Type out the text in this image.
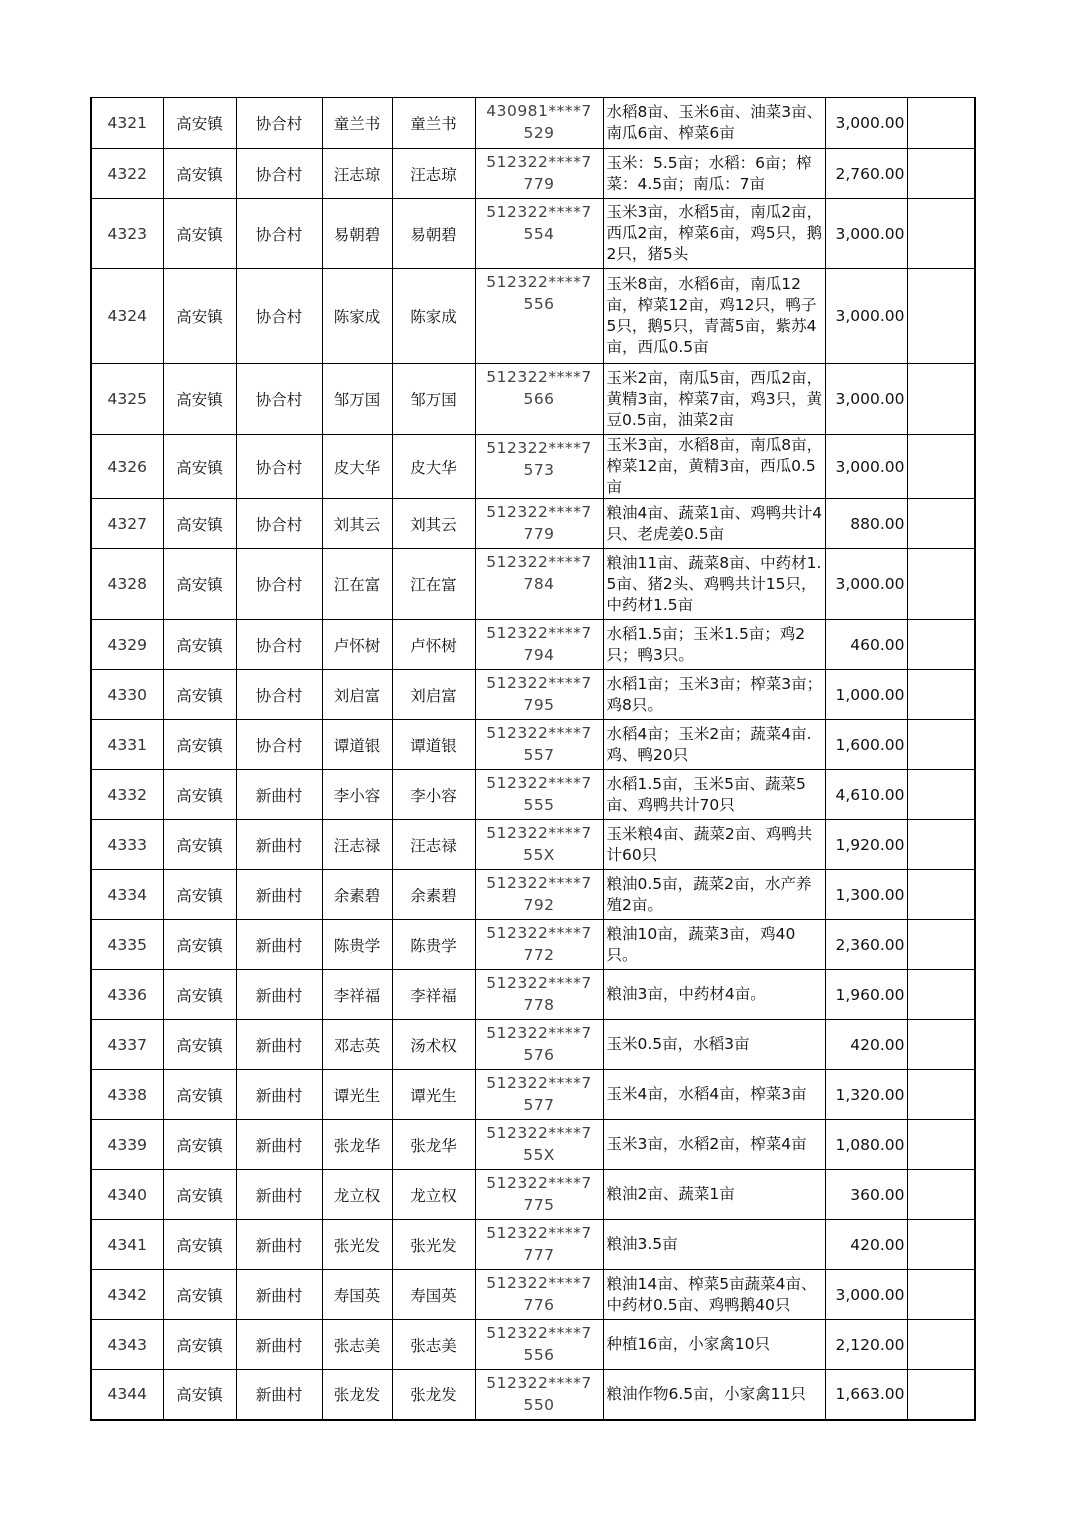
4321	高安镇	协合村	童兰书	童兰书	430981****7529	水稻8亩、玉米6亩、油菜3亩、南瓜6亩、榨菜6亩	3,000.00	
4322	高安镇	协合村	汪志琼	汪志琼	512322****7779	玉米：5.5亩；水稻：6亩；榨菜：4.5亩；南瓜：7亩	2,760.00	
4323	高安镇	协合村	易朝碧	易朝碧	512322****7554	玉米3亩，水稻5亩，南瓜2亩，西瓜2亩，榨菜6亩，鸡5只，鹅2只，猪5头	3,000.00	
4324	高安镇	协合村	陈家成	陈家成	512322****7556	玉米8亩，水稻6亩，南瓜12亩，榨菜12亩，鸡12只，鸭子5只，鹅5只，青蒿5亩，紫苏4亩，西瓜0.5亩	3,000.00	
4325	高安镇	协合村	邹万国	邹万国	512322****7566	玉米2亩，南瓜5亩，西瓜2亩，黄精3亩，榨菜7亩，鸡3只，黄豆0.5亩，油菜2亩	3,000.00	
4326	高安镇	协合村	皮大华	皮大华	512322****7573	玉米3亩，水稻8亩，南瓜8亩，榨菜12亩，黄精3亩，西瓜0.5亩	3,000.00	
4327	高安镇	协合村	刘其云	刘其云	512322****7779	粮油4亩、蔬菜1亩、鸡鸭共计4只、老虎姜0.5亩	880.00	
4328	高安镇	协合村	江在富	江在富	512322****7784	粮油11亩、蔬菜8亩、中药材1.5亩、猪2头、鸡鸭共计15只，中药材1.5亩	3,000.00	
4329	高安镇	协合村	卢怀树	卢怀树	512322****7794	水稻1.5亩；玉米1.5亩；鸡2只；鸭3只。	460.00	
4330	高安镇	协合村	刘启富	刘启富	512322****7795	水稻1亩；玉米3亩；榨菜3亩；鸡8只。	1,000.00	
4331	高安镇	协合村	谭道银	谭道银	512322****7557	水稻4亩；玉米2亩；蔬菜4亩.鸡、鸭20只	1,600.00	
4332	高安镇	新曲村	李小容	李小容	512322****7555	水稻1.5亩，玉米5亩、蔬菜5亩、鸡鸭共计70只	4,610.00	
4333	高安镇	新曲村	汪志禄	汪志禄	512322****755X	玉米粮4亩、蔬菜2亩、鸡鸭共计60只	1,920.00	
4334	高安镇	新曲村	余素碧	余素碧	512322****7792	粮油0.5亩，蔬菜2亩，水产养殖2亩。	1,300.00	
4335	高安镇	新曲村	陈贵学	陈贵学	512322****7772	粮油10亩，蔬菜3亩，鸡40只。	2,360.00	
4336	高安镇	新曲村	李祥福	李祥福	512322****7778	粮油3亩，中药材4亩。	1,960.00	
4337	高安镇	新曲村	邓志英	汤术权	512322****7576	玉米0.5亩，水稻3亩	420.00	
4338	高安镇	新曲村	谭光生	谭光生	512322****7577	玉米4亩，水稻4亩，榨菜3亩	1,320.00	
4339	高安镇	新曲村	张龙华	张龙华	512322****755X	玉米3亩，水稻2亩，榨菜4亩	1,080.00	
4340	高安镇	新曲村	龙立权	龙立权	512322****7775	粮油2亩、蔬菜1亩	360.00	
4341	高安镇	新曲村	张光发	张光发	512322****7777	粮油3.5亩	420.00	
4342	高安镇	新曲村	寿国英	寿国英	512322****7776	粮油14亩、榨菜5亩蔬菜4亩、中药材0.5亩、鸡鸭鹅40只	3,000.00	
4343	高安镇	新曲村	张志美	张志美	512322****7556	种植16亩，小家禽10只	2,120.00	
4344	高安镇	新曲村	张龙发	张龙发	512322****7550	粮油作物6.5亩，小家禽11只	1,663.00	
